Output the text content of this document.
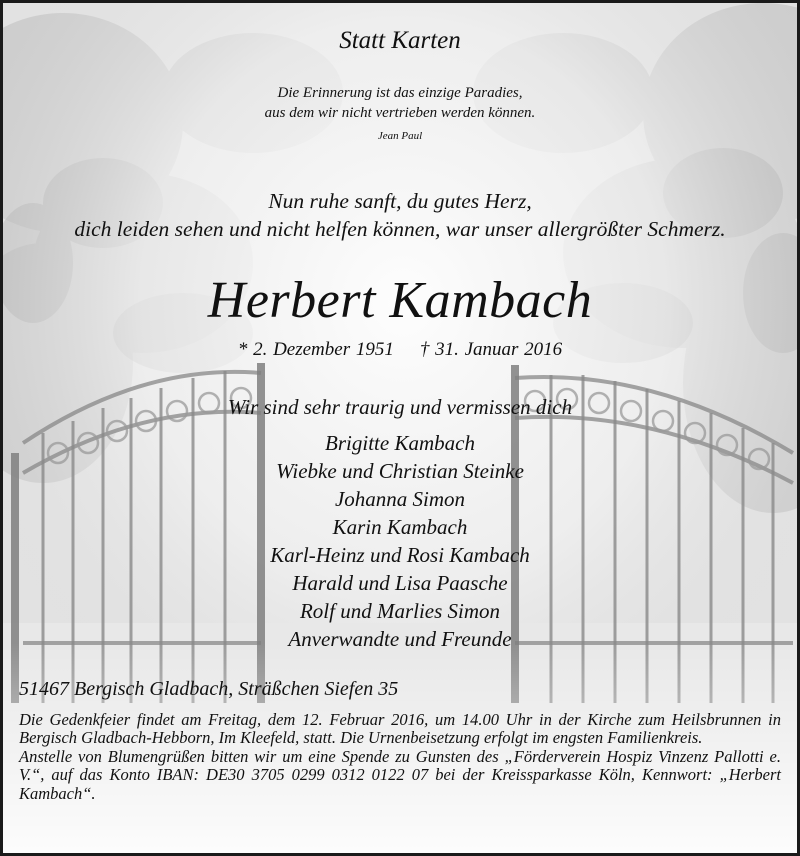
Statt Karten
Die Erinnerung ist das einzige Paradies,
aus dem wir nicht vertrieben werden können.
Jean Paul
Nun ruhe sanft, du gutes Herz,
dich leiden sehen und nicht helfen können, war unser allergrößter Schmerz.
Herbert Kambach
* 2. Dezember 1951 † 31. Januar 2016
Wir sind sehr traurig und vermissen dich
Brigitte Kambach
Wiebke und Christian Steinke
Johanna Simon
Karin Kambach
Karl-Heinz und Rosi Kambach
Harald und Lisa Paasche
Rolf und Marlies Simon
Anverwandte und Freunde
51467 Bergisch Gladbach, Sträßchen Siefen 35

Die Gedenkfeier findet am Freitag, dem 12. Februar 2016, um 14.00 Uhr in der Kirche zum Heilsbrunnen in Bergisch Gladbach-Hebborn, Im Kleefeld, statt. Die Urnenbeisetzung erfolgt im engsten Familienkreis.

Anstelle von Blumengrüßen bitten wir um eine Spende zu Gunsten des „Förderverein Hospiz Vinzenz Pallotti e. V.“, auf das Konto IBAN: DE30 3705 0299 0312 0122 07 bei der Kreissparkasse Köln, Kennwort: „Herbert Kambach“.
